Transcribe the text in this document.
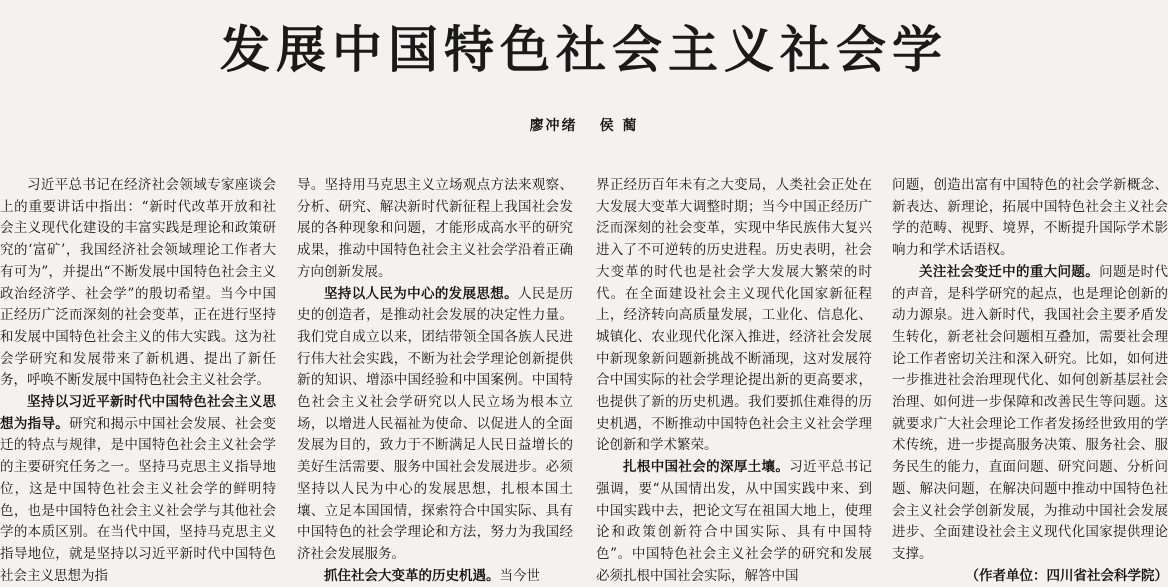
发展中国特色社会主义社会学
廖冲绪 侯 蔺

习近平总书记在经济社会领域专家座谈会上的重要讲话中指出：“新时代改革开放和社会主义现代化建设的丰富实践是理论和政策研究的‘富矿’，我国经济社会领域理论工作者大有可为”，并提出“不断发展中国特色社会主义政治经济学、社会学”的殷切希望。当今中国正经历广泛而深刻的社会变革，正在进行坚持和发展中国特色社会主义的伟大实践。这为社会学研究和发展带来了新机遇、提出了新任务，呼唤不断发展中国特色社会主义社会学。

坚持以习近平新时代中国特色社会主义思想为指导。研究和揭示中国社会发展、社会变迁的特点与规律，是中国特色社会主义社会学的主要研究任务之一。坚持马克思主义指导地位，这是中国特色社会主义社会学的鲜明特色，也是中国特色社会主义社会学与其他社会学的本质区别。在当代中国，坚持马克思主义指导地位，就是坚持以习近平新时代中国特色社会主义思想为指

导。坚持用马克思主义立场观点方法来观察、分析、研究、解决新时代新征程上我国社会发展的各种现象和问题，才能形成高水平的研究成果，推动中国特色社会主义社会学沿着正确方向创新发展。

坚持以人民为中心的发展思想。人民是历史的创造者，是推动社会发展的决定性力量。我们党自成立以来，团结带领全国各族人民进行伟大社会实践，不断为社会学理论创新提供新的知识、增添中国经验和中国案例。中国特色社会主义社会学研究以人民立场为根本立场，以增进人民福祉为使命、以促进人的全面发展为目的，致力于不断满足人民日益增长的美好生活需要、服务中国社会发展进步。必须坚持以人民为中心的发展思想，扎根本国土壤、立足本国国情，探索符合中国实际、具有中国特色的社会学理论和方法，努力为我国经济社会发展服务。

抓住社会大变革的历史机遇。当今世

界正经历百年未有之大变局，人类社会正处在大发展大变革大调整时期；当今中国正经历广泛而深刻的社会变革，实现中华民族伟大复兴进入了不可逆转的历史进程。历史表明，社会大变革的时代也是社会学大发展大繁荣的时代。在全面建设社会主义现代化国家新征程上，经济转向高质量发展，工业化、信息化、城镇化、农业现代化深入推进，经济社会发展中新现象新问题新挑战不断涌现，这对发展符合中国实际的社会学理论提出新的更高要求，也提供了新的历史机遇。我们要抓住难得的历史机遇，不断推动中国特色社会主义社会学理论创新和学术繁荣。

扎根中国社会的深厚土壤。习近平总书记强调，要“从国情出发，从中国实践中来、到中国实践中去，把论文写在祖国大地上，使理论和政策创新符合中国实际、具有中国特色”。中国特色社会主义社会学的研究和发展必须扎根中国社会实际，解答中国

问题，创造出富有中国特色的社会学新概念、新表达、新理论，拓展中国特色社会主义社会学的范畴、视野、境界，不断提升国际学术影响力和学术话语权。

关注社会变迁中的重大问题。问题是时代的声音，是科学研究的起点，也是理论创新的动力源泉。进入新时代，我国社会主要矛盾发生转化，新老社会问题相互叠加，需要社会理论工作者密切关注和深入研究。比如，如何进一步推进社会治理现代化、如何创新基层社会治理、如何进一步保障和改善民生等问题。这就要求广大社会理论工作者发扬经世致用的学术传统，进一步提高服务决策、服务社会、服务民生的能力，直面问题、研究问题、分析问题、解决问题，在解决问题中推动中国特色社会主义社会学创新发展，为推动中国社会发展进步、全面建设社会主义现代化国家提供理论支撑。

（作者单位：四川省社会科学院）
